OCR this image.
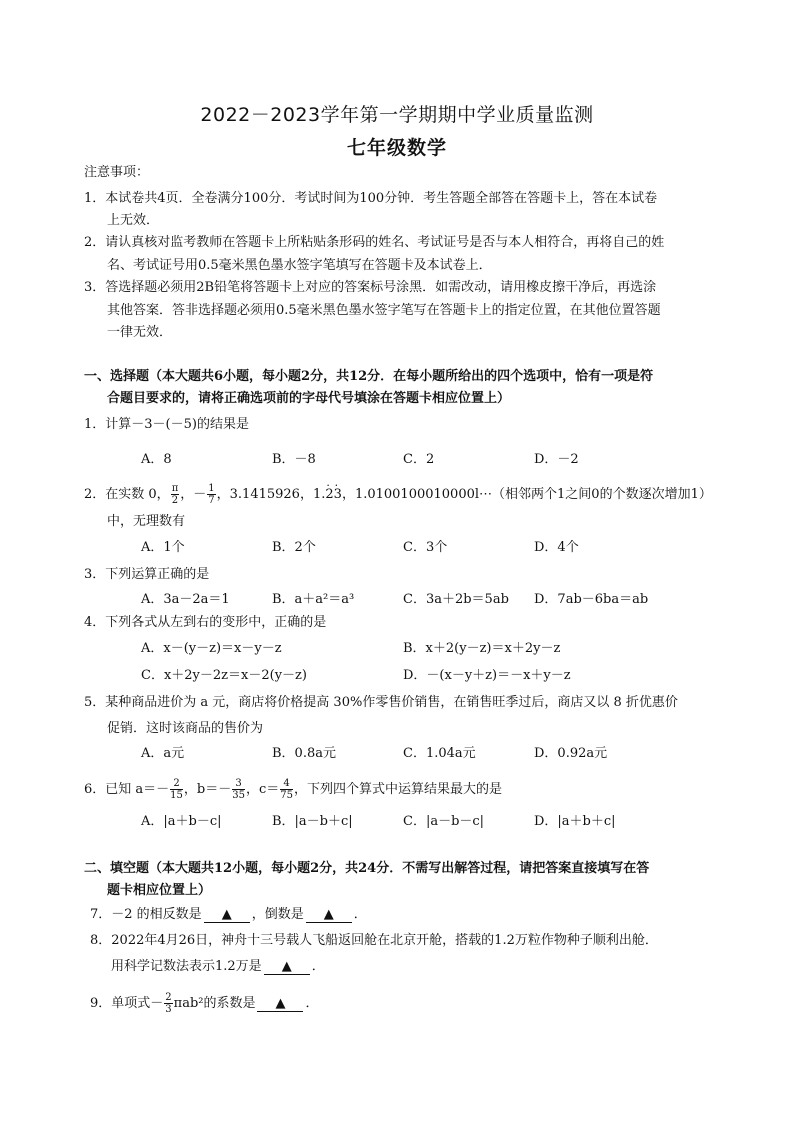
2022－2023学年第一学期期中学业质量监测
七年级数学
注意事项：
1．本试卷共4页．全卷满分100分．考试时间为100分钟．考生答题全部答在答题卡上，答在本试卷
上无效．
2．请认真核对监考教师在答题卡上所粘贴条形码的姓名、考试证号是否与本人相符合，再将自己的姓
名、考试证号用0.5毫米黑色墨水签字笔填写在答题卡及本试卷上．
3．答选择题必须用2B铅笔将答题卡上对应的答案标号涂黑．如需改动，请用橡皮擦干净后，再选涂
其他答案．答非选择题必须用0.5毫米黑色墨水签字笔写在答题卡上的指定位置，在其他位置答题
一律无效．
一、选择题（本大题共6小题，每小题2分，共12分．在每小题所给出的四个选项中，恰有一项是符
合题目要求的，请将正确选项前的字母代号填涂在答题卡相应位置上）
1．计算－3－(－5)的结果是
A．8	B．－8	C．2	D．－2
2．在实数 0， $\frac{\pi}{2}$ ，－ $\frac{1}{7}$ ，3.1415926，1.· 2· 3，1.0100100010000l⋯（相邻两个1之间0的个数逐次增加1）
中，无理数有
A．1个	B．2个	C．3个	D．4个
3．下列运算正确的是
A．3a－2a＝1	B．a＋a²＝a³	C．3a＋2b＝5ab D．7ab－6ba＝ab
4．下列各式从左到右的变形中，正确的是
A．x－(y－z)＝x－y－z	B．x＋2(y－z)＝x＋2y－z
C．x＋2y－2z＝x－2(y－z)	D．－(x－y＋z)＝－x＋y－z
5．某种商品进价为 a 元，商店将价格提高 30%作零售价销售，在销售旺季过后，商店又以 8 折优惠价
促销．这时该商品的售价为
A．a元	B．0.8a元	C．1.04a元	D．0.92a元
6．已知 $a=- \frac{2}{15}$ ，$b=- \frac{3}{35}$ ，$c= \frac{4}{75}$ ，下列四个算式中运算结果最大的是
A．|a＋b－c|	B．|a－b＋c|	C．|a－b－c|	D．|a＋b＋c|
二、填空题（本大题共12小题，每小题2分，共24分．不需写出解答过程，请把答案直接填写在答
题卡相应位置上）
7．－2 的相反数是 ▲ ，倒数是 ▲ ．
8．2022年4月26日，神舟十三号载人飞船返回舱在北京开舱，搭载的1.2万粒作物种子顺利出舱．
用科学记数法表示1.2万是 ▲ ．
9．单项式－ $\frac{2}{3} \pi ab^2$的系数是 ▲ ．
